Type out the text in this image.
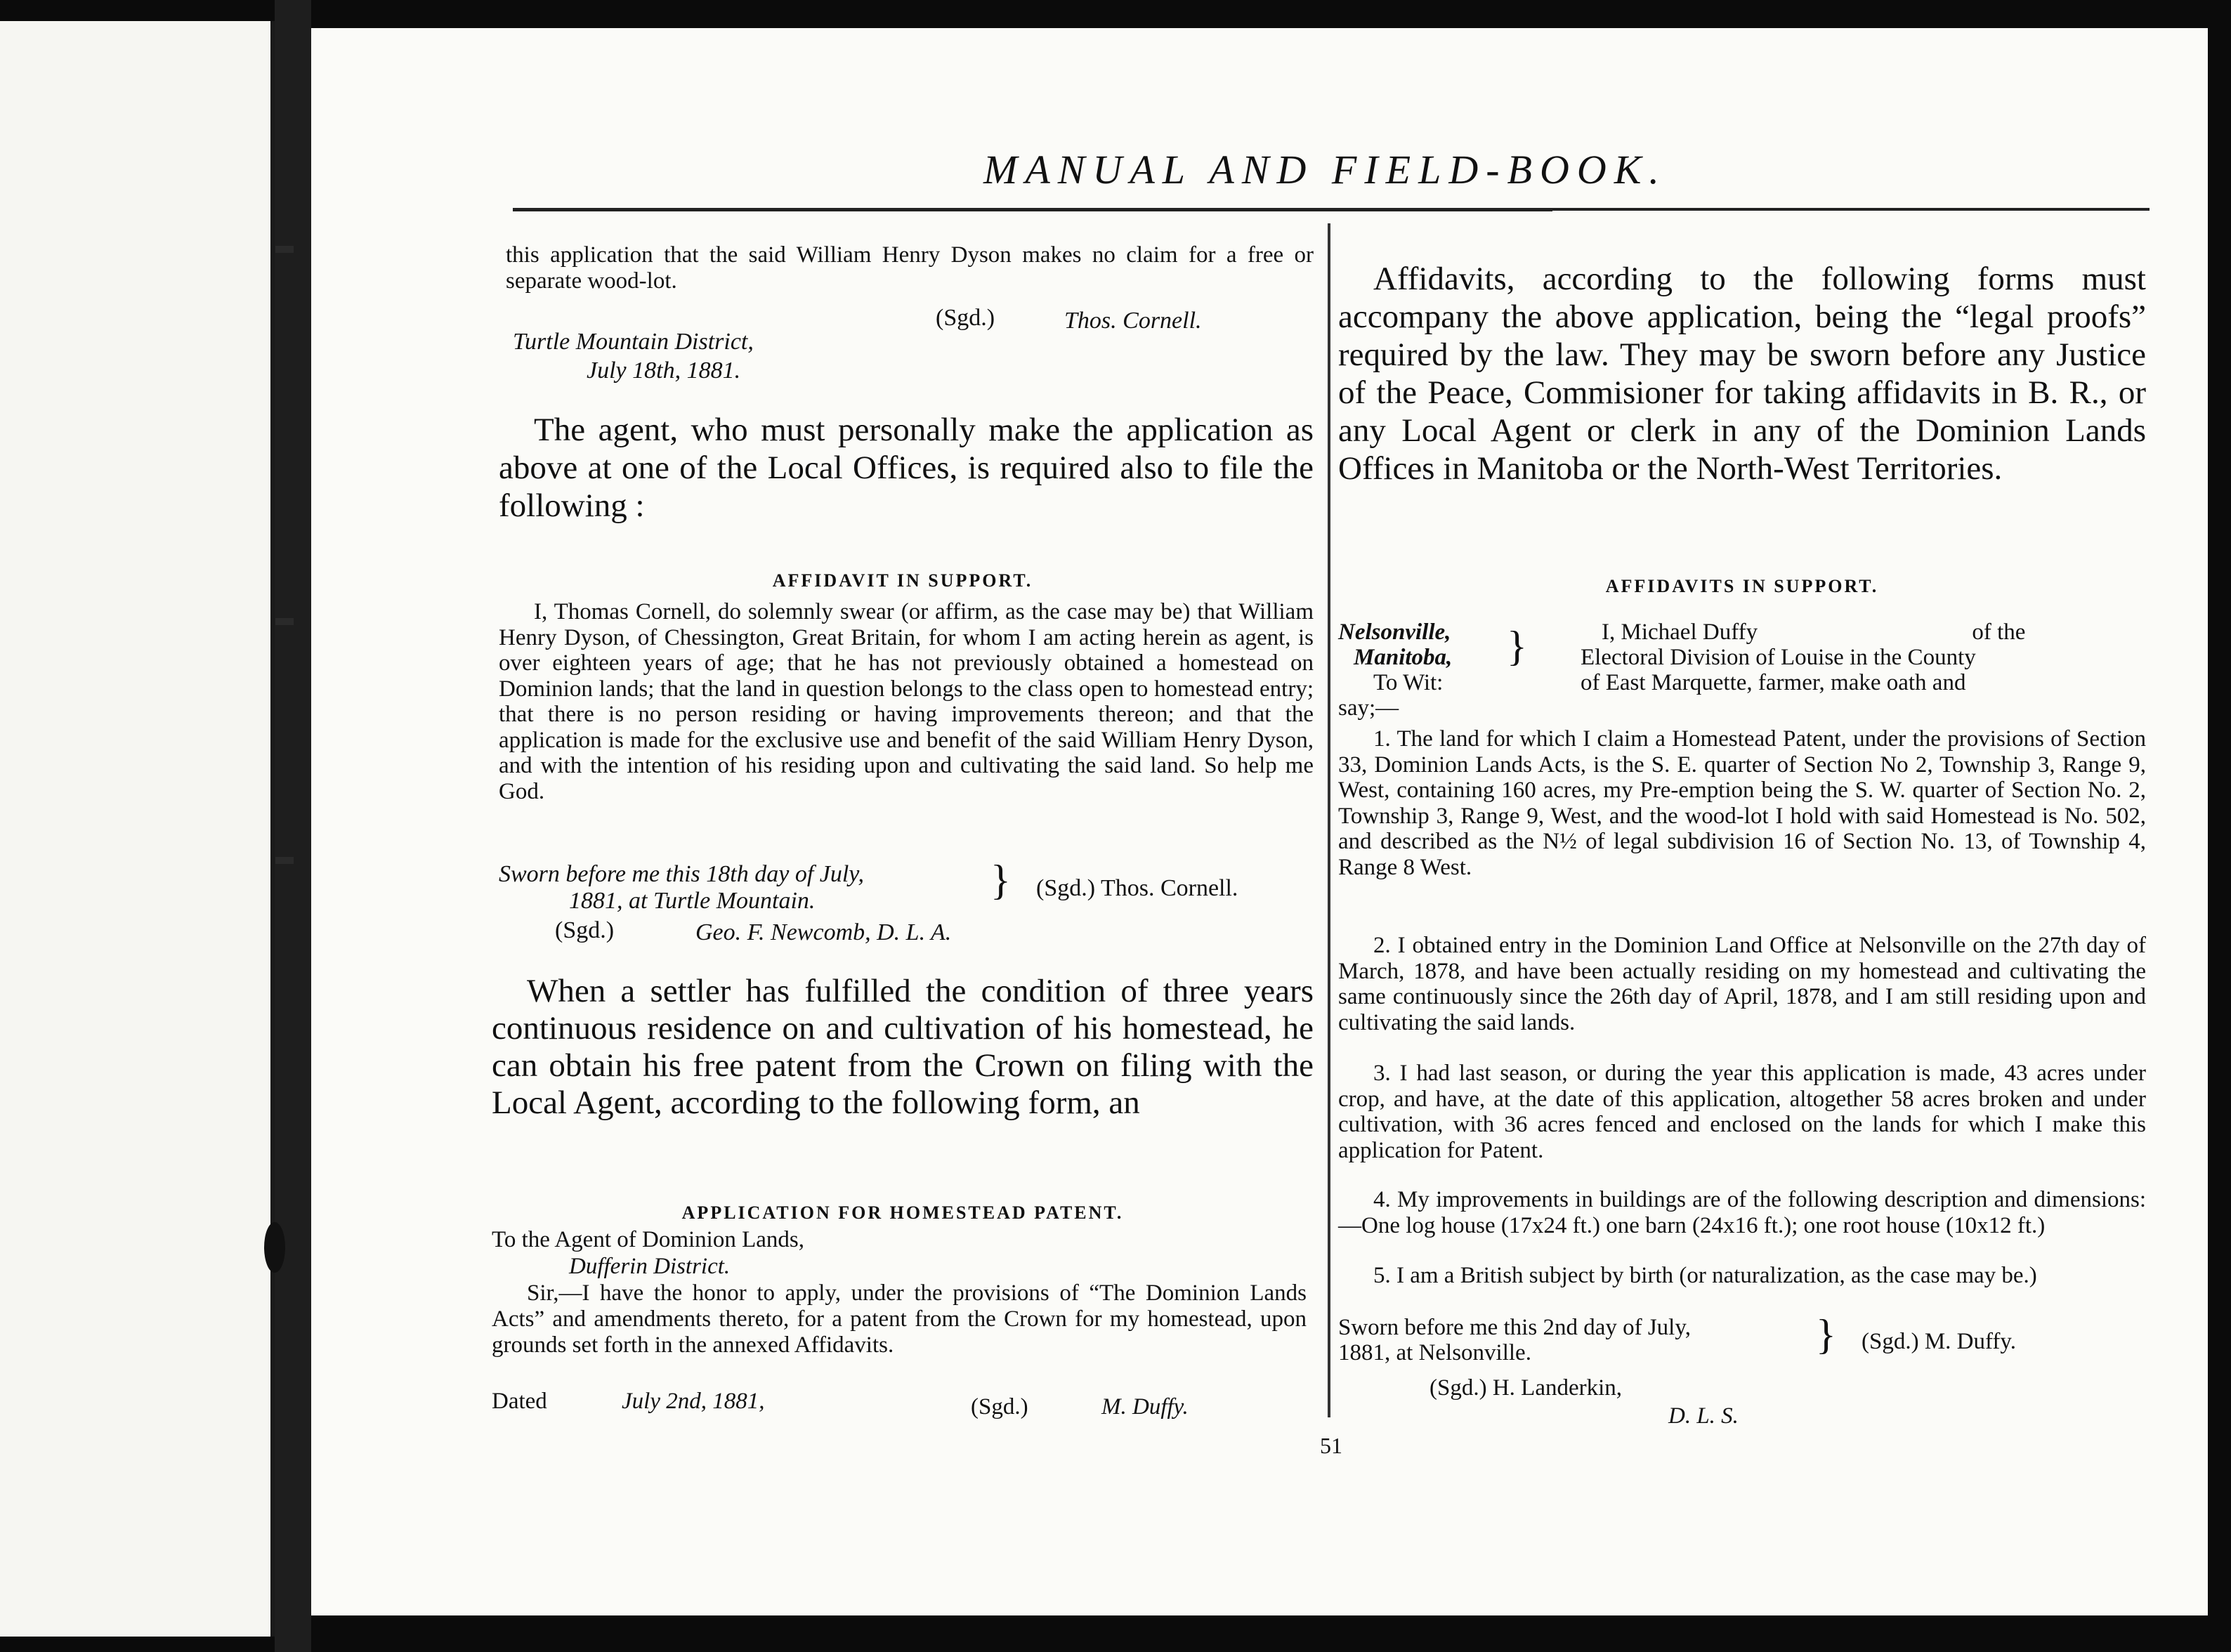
MANUAL AND FIELD-BOOK.
this application that the said William Henry Dyson makes no claim for a free or separate wood-lot.
(Sgd.)	Thos. Cornell.
Turtle Mountain District,
July 18th, 1881.
The agent, who must personally make the application as above at one of the Local Offices, is required also to file the following :
AFFIDAVIT IN SUPPORT.
I, Thomas Cornell, do solemnly swear (or affirm, as the case may be) that William Henry Dyson, of Chessington, Great Britain, for whom I am acting herein as agent, is over eighteen years of age; that he has not previously obtained a homestead on Dominion lands; that the land in question belongs to the class open to homestead entry; that there is no person residing or having improvements thereon; and that the application is made for the exclusive use and benefit of the said William Henry Dyson, and with the intention of his residing upon and cultivating the said land. So help me God.
Sworn before me this 18th day of July,
1881, at Turtle Mountain.	} (Sgd.) Thos. Cornell.
(Sgd.)	Geo. F. Newcomb, D. L. A.
When a settler has fulfilled the condition of three years continuous residence on and cultivation of his homestead, he can obtain his free patent from the Crown on filing with the Local Agent, according to the following form, an
APPLICATION FOR HOMESTEAD PATENT.
To the Agent of Dominion Lands,
Dufferin District.
Sir,—I have the honor to apply, under the provisions of “The Dominion Lands Acts” and amendments thereto, for a patent from the Crown for my homestead, upon grounds set forth in the annexed Affidavits.
Dated	July 2nd, 1881,	(Sgd.)	M. Duffy.
Affidavits, according to the following forms must accompany the above application, being the “legal proofs” required by the law. They may be sworn before any Justice of the Peace, Commisioner for taking affidavits in B. R., or any Local Agent or clerk in any of the Dominion Lands Offices in Manitoba or the North-West Territories.
AFFIDAVITS IN SUPPORT.
Nelsonville,
Manitoba,
To Wit:
}	I, Michael Duffy                                     of the
Electoral Division of Louise in the County
of East Marquette, farmer, make oath and
say;—
1. The land for which I claim a Homestead Patent, under the provisions of Section 33, Dominion Lands Acts, is the S. E. quarter of Section No 2, Township 3, Range 9, West, containing 160 acres, my Pre-emption being the S. W. quarter of Section No. 2, Township 3, Range 9, West, and the wood-lot I hold with said Homestead is No. 502, and described as the N½ of legal subdivision 16 of Section No. 13, of Township 4, Range 8 West.
2. I obtained entry in the Dominion Land Office at Nelsonville on the 27th day of March, 1878, and have been actually residing on my homestead and cultivating the same continuously since the 26th day of April, 1878, and I am still residing upon and cultivating the said lands.
3. I had last season, or during the year this application is made, 43 acres under crop, and have, at the date of this application, altogether 58 acres broken and under cultivation, with 36 acres fenced and enclosed on the lands for which I make this application for Patent.
4. My improvements in buildings are of the following description and dimensions:—One log house (17x24 ft.) one barn (24x16 ft.); one root house (10x12 ft.)
5. I am a British subject by birth (or naturalization, as the case may be.)
Sworn before me this 2nd day of July,
1881, at Nelsonville.	} (Sgd.) M. Duffy.
(Sgd.) H. Landerkin,
D. L. S.
51
